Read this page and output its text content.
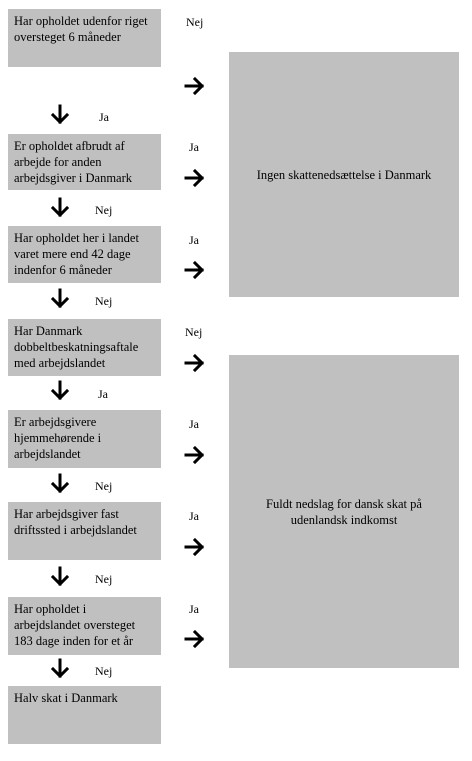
Har opholdet udenfor riget oversteget 6 måneder
Er opholdet afbrudt af arbejde for anden arbejdsgiver i Danmark
Har opholdet her i landet varet mere end 42 dage indenfor 6 måneder
Har Danmark dobbeltbeskatningsaftale med arbejdslandet
Er arbejdsgivere hjemmehørende i arbejdslandet
Har arbejdsgiver fast driftssted i arbejdslandet
Har opholdet i arbejdslandet oversteget 183 dage inden for et år
Halv skat i Danmark
Ingen skattenedsættelse i Danmark
Fuldt nedslag for dansk skat på udenlandsk indkomst
Nej
Ja
Ja
Nej
Ja
Ja
Ja
Ja
Nej
Nej
Ja
Nej
Nej
Nej
